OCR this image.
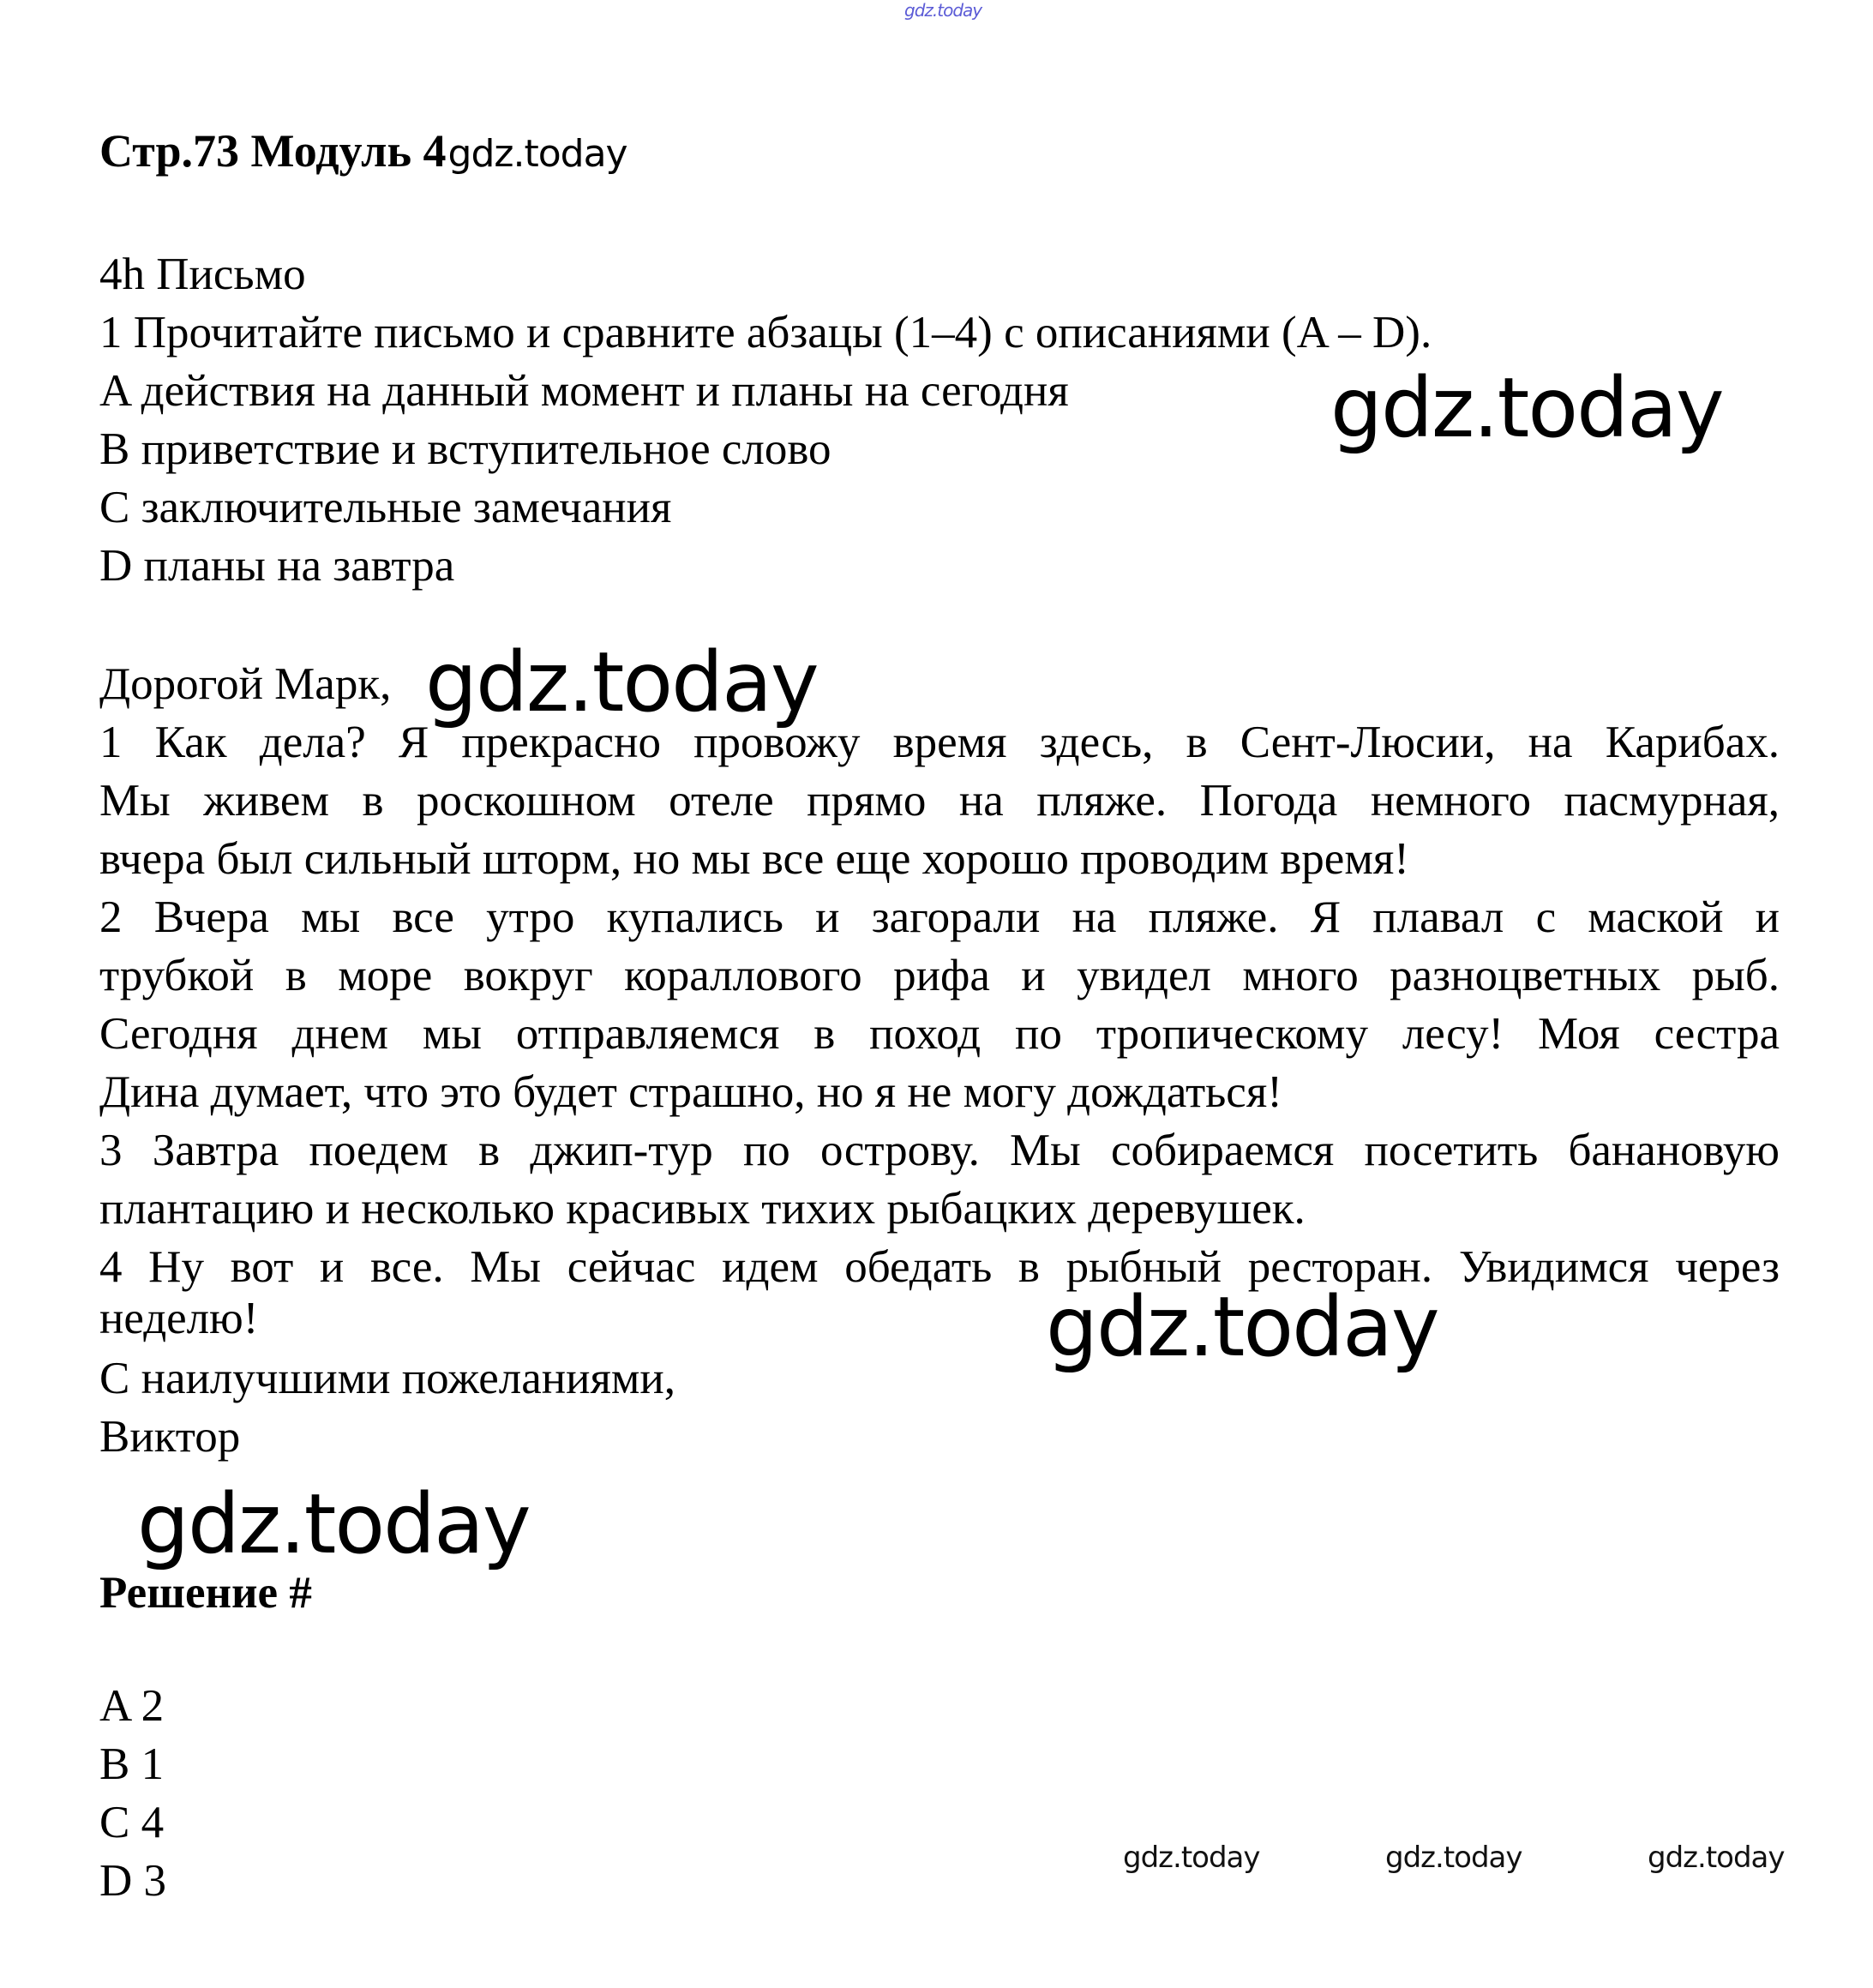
gdz.today
Стр.73 Модуль 4gdz.today
4h Письмо
1 Прочитайте письмо и сравните абзацы (1–4) с описаниями (A – D).
A действия на данный момент и планы на сегодня
B приветствие и вступительное слово
C заключительные замечания
D планы на завтра
Дорогой Марк,
1 Как дела? Я прекрасно провожу время здесь, в Сент-Люсии, на Карибах.
Мы живем в роскошном отеле прямо на пляже. Погода немного пасмурная,
вчера был сильный шторм, но мы все еще хорошо проводим время!
2 Вчера мы все утро купались и загорали на пляже. Я плавал с маской и
трубкой в море вокруг кораллового рифа и увидел много разноцветных рыб.
Сегодня днем мы отправляемся в поход по тропическому лесу! Моя сестра
Дина думает, что это будет страшно, но я не могу дождаться!
3 Завтра поедем в джип-тур по острову. Мы собираемся посетить банановую
плантацию и несколько красивых тихих рыбацких деревушек.
4 Ну вот и все. Мы сейчас идем обедать в рыбный ресторан. Увидимся через
неделю!
С наилучшими пожеланиями,
Виктор
Решение #
A 2
B 1
C 4
D 3
gdz.today
gdz.today
gdz.today
gdz.today
gdz.today	gdz.today	gdz.today
